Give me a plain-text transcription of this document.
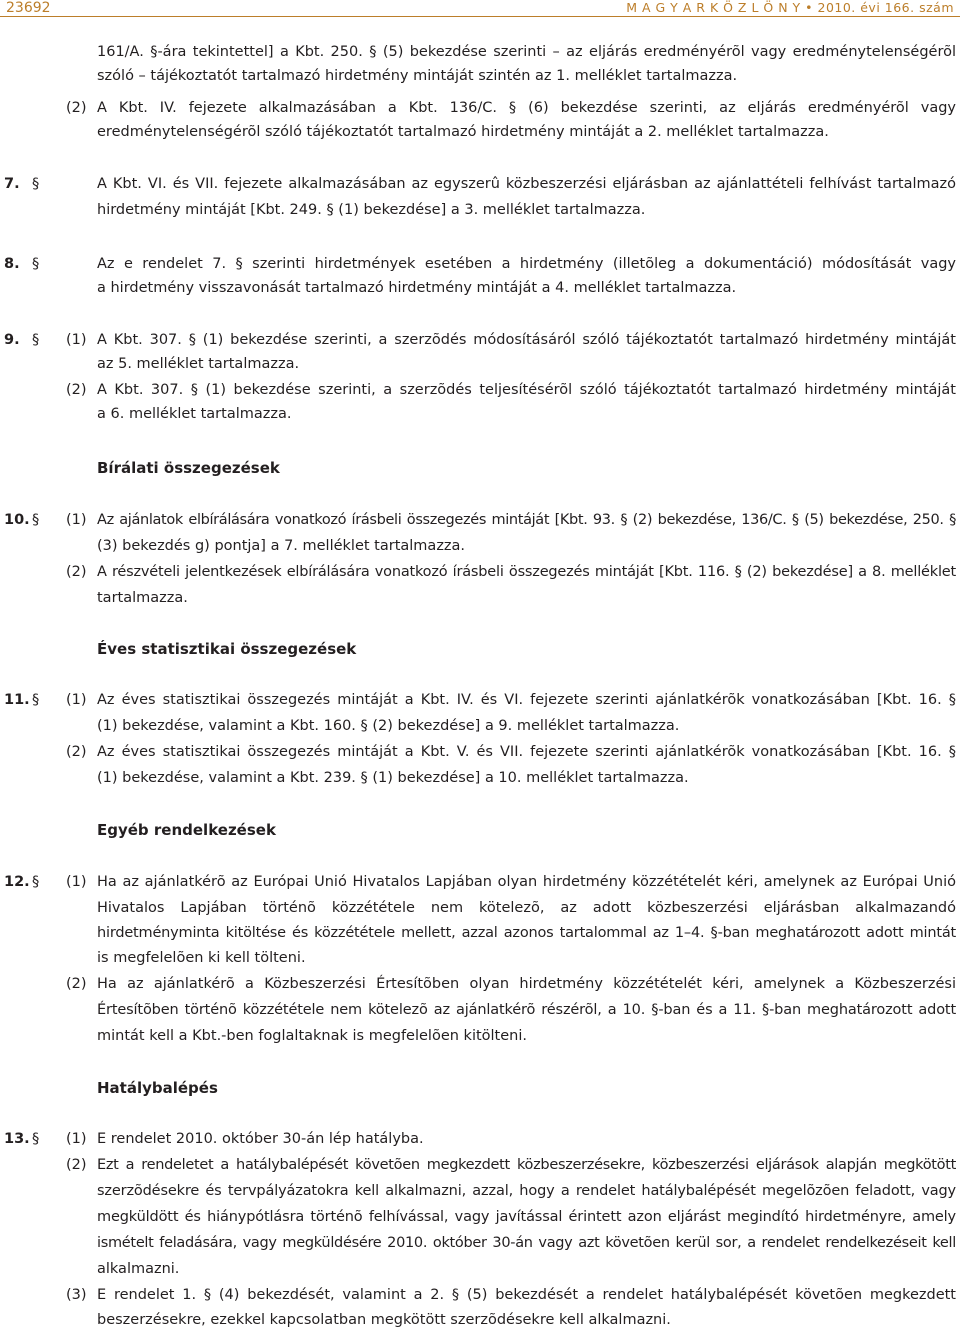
23692	M A G Y A R K Ö Z L Ö N Y • 2010. évi 166. szám
161/A. §-ára tekintettel] a Kbt. 250. § (5) bekezdése szerinti – az eljárás eredményérõl vagy eredménytelenségérõl
szóló – tájékoztatót tartalmazó hirdetmény mintáját szintén az 1. melléklet tartalmazza.
(2) A Kbt. IV. fejezete alkalmazásában a Kbt. 136/C. § (6) bekezdése szerinti, az eljárás eredményérõl vagy
eredménytelenségérõl szóló tájékoztatót tartalmazó hirdetmény mintáját a 2. melléklet tartalmazza.
7. §	A Kbt. VI. és VII. fejezete alkalmazásában az egyszerû közbeszerzési eljárásban az ajánlattételi felhívást tartalmazó
hirdetmény mintáját [Kbt. 249. § (1) bekezdése] a 3. melléklet tartalmazza.
8. §	Az e rendelet 7. § szerinti hirdetmények esetében a hirdetmény (illetõleg a dokumentáció) módosítását vagy
a hirdetmény visszavonását tartalmazó hirdetmény mintáját a 4. melléklet tartalmazza.
9. § (1) A Kbt. 307. § (1) bekezdése szerinti, a szerzõdés módosításáról szóló tájékoztatót tartalmazó hirdetmény mintáját
az 5. melléklet tartalmazza.
(2) A Kbt. 307. § (1) bekezdése szerinti, a szerzõdés teljesítésérõl szóló tájékoztatót tartalmazó hirdetmény mintáját
a 6. melléklet tartalmazza.
Bírálati összegezések
10. § (1) Az ajánlatok elbírálására vonatkozó írásbeli összegezés mintáját [Kbt. 93. § (2) bekezdése, 136/C. § (5) bekezdése, 250. §
(3) bekezdés g) pontja] a 7. melléklet tartalmazza.
(2) A részvételi jelentkezések elbírálására vonatkozó írásbeli összegezés mintáját [Kbt. 116. § (2) bekezdése] a 8. melléklet
tartalmazza.
Éves statisztikai összegezések
11. § (1) Az éves statisztikai összegezés mintáját a Kbt. IV. és VI. fejezete szerinti ajánlatkérõk vonatkozásában [Kbt. 16. §
(1) bekezdése, valamint a Kbt. 160. § (2) bekezdése] a 9. melléklet tartalmazza.
(2) Az éves statisztikai összegezés mintáját a Kbt. V. és VII. fejezete szerinti ajánlatkérõk vonatkozásában [Kbt. 16. §
(1) bekezdése, valamint a Kbt. 239. § (1) bekezdése] a 10. melléklet tartalmazza.
Egyéb rendelkezések
12. § (1) Ha az ajánlatkérõ az Európai Unió Hivatalos Lapjában olyan hirdetmény közzétételét kéri, amelynek az Európai Unió
Hivatalos Lapjában történõ közzététele nem kötelezõ, az adott közbeszerzési eljárásban alkalmazandó
hirdetményminta kitöltése és közzététele mellett, azzal azonos tartalommal az 1–4. §-ban meghatározott adott mintát
is megfelelõen ki kell tölteni.
(2) Ha az ajánlatkérõ a Közbeszerzési Értesítõben olyan hirdetmény közzétételét kéri, amelynek a Közbeszerzési
Értesítõben történõ közzététele nem kötelezõ az ajánlatkérõ részérõl, a 10. §-ban és a 11. §-ban meghatározott adott
mintát kell a Kbt.-ben foglaltaknak is megfelelõen kitölteni.
Hatálybalépés
13. § (1) E rendelet 2010. október 30-án lép hatályba.
(2) Ezt a rendeletet a hatálybalépését követõen megkezdett közbeszerzésekre, közbeszerzési eljárások alapján megkötött
szerzõdésekre és tervpályázatokra kell alkalmazni, azzal, hogy a rendelet hatálybalépését megelõzõen feladott, vagy
megküldött és hiánypótlásra történõ felhívással, vagy javítással érintett azon eljárást megindító hirdetményre, amely
ismételt feladására, vagy megküldésére 2010. október 30-án vagy azt követõen kerül sor, a rendelet rendelkezéseit kell
alkalmazni.
(3) E rendelet 1. § (4) bekezdését, valamint a 2. § (5) bekezdését a rendelet hatálybalépését követõen megkezdett
beszerzésekre, ezekkel kapcsolatban megkötött szerzõdésekre kell alkalmazni.
